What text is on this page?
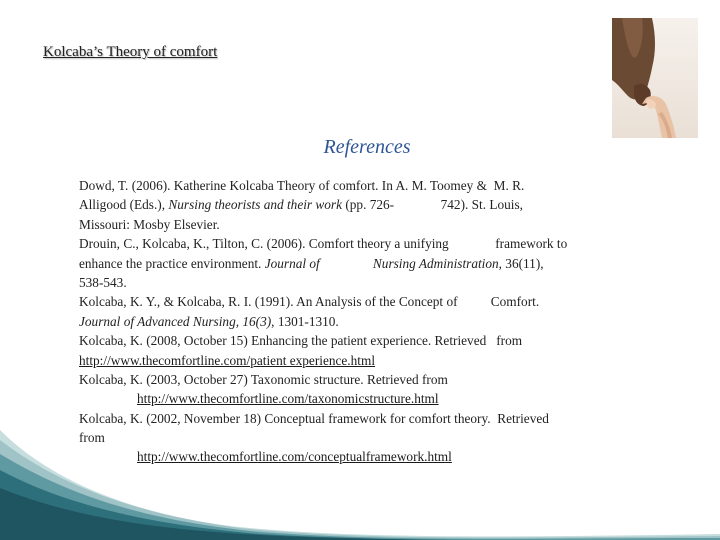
Kolcaba’s Theory of comfort
References
Dowd, T. (2006). Katherine Kolcaba Theory of comfort. In A. M. Toomey &  M. R.
Alligood (Eds.), Nursing theorists and their work (pp. 726-              742). St. Louis,
Missouri: Mosby Elsevier.
Drouin, C., Kolcaba, K., Tilton, C. (2006). Comfort theory a unifying              framework to
enhance the practice environment. Journal of                Nursing Administration, 36(11),
538-543.
Kolcaba, K. Y., & Kolcaba, R. I. (1991). An Analysis of the Concept of          Comfort.
Journal of Advanced Nursing, 16(3), 1301-1310.
Kolcaba, K. (2008, October 15) Enhancing the patient experience. Retrieved   from
http://www.thecomfortline.com/patient experience.html
Kolcaba, K. (2003, October 27) Taxonomic structure. Retrieved from
http://www.thecomfortline.com/taxonomicstructure.html
Kolcaba, K. (2002, November 18) Conceptual framework for comfort theory.  Retrieved
from
http://www.thecomfortline.com/conceptualframework.html
